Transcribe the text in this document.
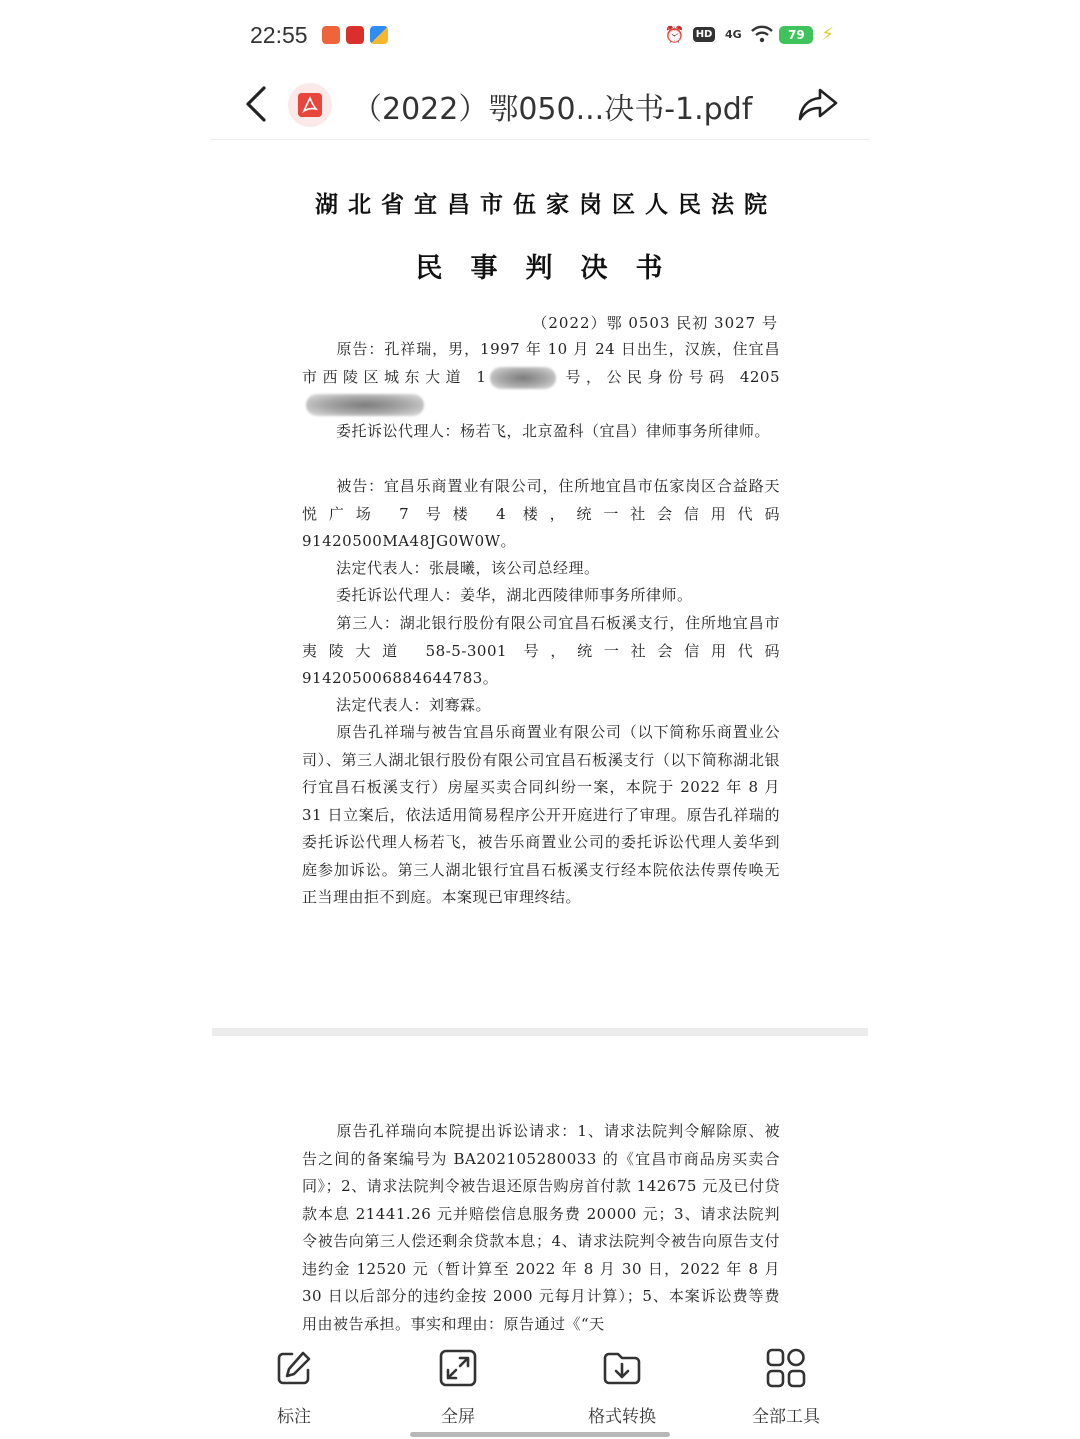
22:55	⏰	HD 4G	79 ⚡
（2022）鄂050...决书-1.pdf
湖北省宜昌市伍家岗区人民法院
民事判决书
（2022）鄂 0503 民初 3027 号
原告：孔祥瑞，男，1997 年 10 月 24 日出生，汉族，住宜昌市西陵区城东大道 1	号，公民身份号码 4205
委托诉讼代理人：杨若飞，北京盈科（宜昌）律师事务所律师。
被告：宜昌乐商置业有限公司，住所地宜昌市伍家岗区合益路天悦广场 7 号楼 4 楼，统一社会信用代码 91420500MA48JG0W0W。
法定代表人：张晨曦，该公司总经理。
委托诉讼代理人：姜华，湖北西陵律师事务所律师。
第三人：湖北银行股份有限公司宜昌石板溪支行，住所地宜昌市夷陵大道 58-5-3001 号，统一社会信用代码 914205006884644783。
法定代表人：刘骞霖。
原告孔祥瑞与被告宜昌乐商置业有限公司（以下简称乐商置业公司）、第三人湖北银行股份有限公司宜昌石板溪支行（以下简称湖北银行宜昌石板溪支行）房屋买卖合同纠纷一案，本院于 2022 年 8 月 31 日立案后，依法适用简易程序公开开庭进行了审理。原告孔祥瑞的委托诉讼代理人杨若飞，被告乐商置业公司的委托诉讼代理人姜华到庭参加诉讼。第三人湖北银行宜昌石板溪支行经本院依法传票传唤无正当理由拒不到庭。本案现已审理终结。
原告孔祥瑞向本院提出诉讼请求：1、请求法院判令解除原、被告之间的备案编号为 BA202105280033 的《宜昌市商品房买卖合同》；2、请求法院判令被告退还原告购房首付款 142675 元及已付贷款本息 21441.26 元并赔偿信息服务费 20000 元；3、请求法院判令被告向第三人偿还剩余贷款本息；4、请求法院判令被告向原告支付违约金 12520 元（暂计算至 2022 年 8 月 30 日，2022 年 8 月 30 日以后部分的违约金按 2000 元每月计算）；5、本案诉讼费等费用由被告承担。事实和理由：原告通过《“天
标注	全屏	格式转换	全部工具
